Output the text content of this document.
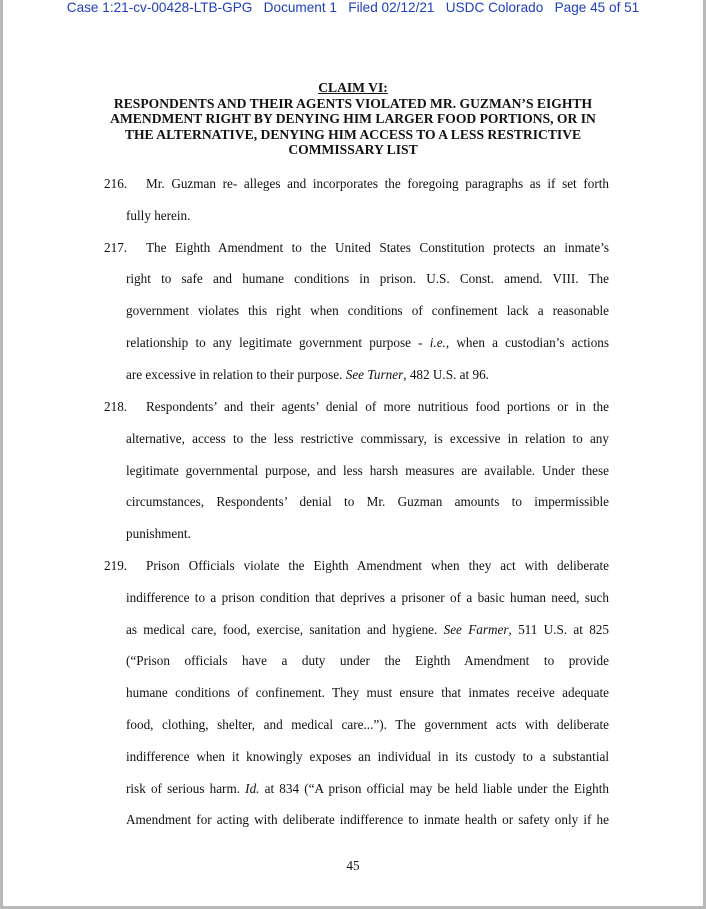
Case 1:21-cv-00428-LTB-GPG   Document 1   Filed 02/12/21   USDC Colorado   Page 45 of 51
CLAIM VI:
RESPONDENTS AND THEIR AGENTS VIOLATED MR. GUZMAN’S EIGHTH
AMENDMENT RIGHT BY DENYING HIM LARGER FOOD PORTIONS, OR IN
THE ALTERNATIVE, DENYING HIM ACCESS TO A LESS RESTRICTIVE
COMMISSARY LIST
216. Mr. Guzman re- alleges and incorporates the foregoing paragraphs as if set forth
fully herein.
217. The Eighth Amendment to the United States Constitution protects an inmate’s
right to safe and humane conditions in prison. U.S. Const. amend. VIII. The
government violates this right when conditions of confinement lack a reasonable
relationship to any legitimate government purpose - i.e., when a custodian’s actions
are excessive in relation to their purpose. See Turner, 482 U.S. at 96.
218. Respondents’ and their agents’ denial of more nutritious food portions or in the
alternative, access to the less restrictive commissary, is excessive in relation to any
legitimate governmental purpose, and less harsh measures are available. Under these
circumstances, Respondents’ denial to Mr. Guzman amounts to impermissible
punishment.
219. Prison Officials violate the Eighth Amendment when they act with deliberate
indifference to a prison condition that deprives a prisoner of a basic human need, such
as medical care, food, exercise, sanitation and hygiene. See Farmer, 511 U.S. at 825
(“Prison officials have a duty under the Eighth Amendment to provide
humane conditions of confinement. They must ensure that inmates receive adequate
food, clothing, shelter, and medical care...”). The government acts with deliberate
indifference when it knowingly exposes an individual in its custody to a substantial
risk of serious harm. Id. at 834 (“A prison official may be held liable under the Eighth
Amendment for acting with deliberate indifference to inmate health or safety only if he
45
